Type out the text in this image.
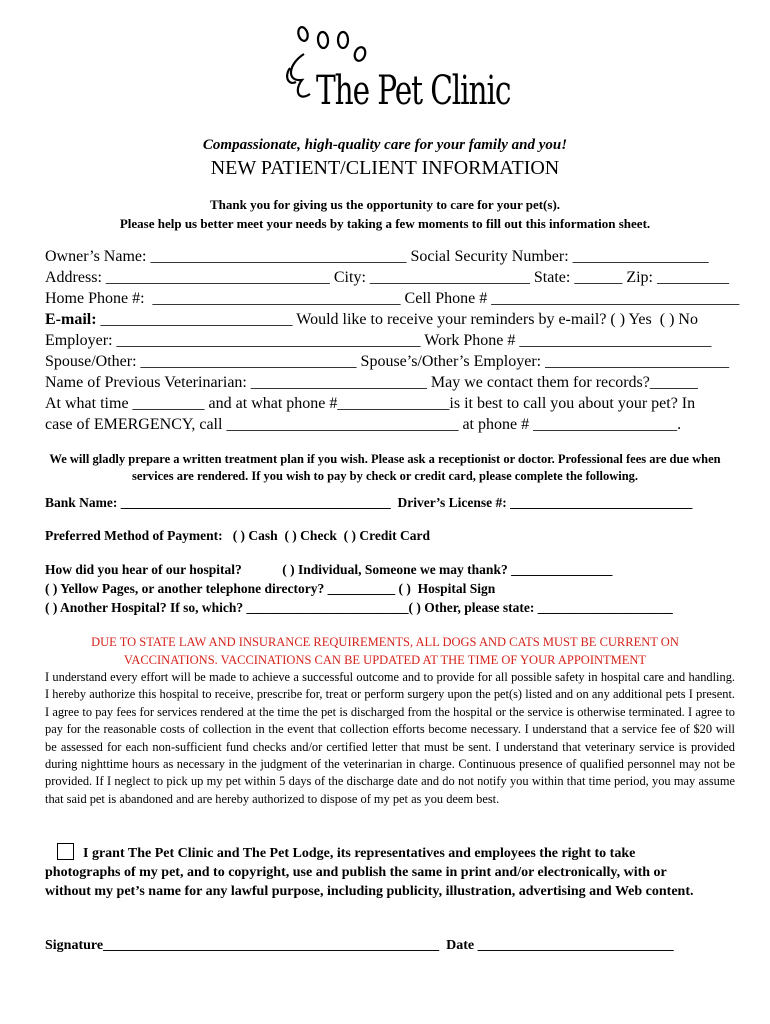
The Pet Clinic
Compassionate, high-quality care for your family and you!
NEW PATIENT/CLIENT INFORMATION
Thank you for giving us the opportunity to care for your pet(s).
Please help us better meet your needs by taking a few moments to fill out this information sheet.
Owner’s Name: ________________________________ Social Security Number: _________________
Address: ____________________________ City: ____________________ State: ______ Zip: _________
Home Phone #:  _______________________________ Cell Phone # _______________________________
E-mail: ________________________ Would like to receive your reminders by e-mail? ( ) Yes  ( ) No
Employer: ______________________________________ Work Phone # ________________________
Spouse/Other: ___________________________ Spouse’s/Other’s Employer: _______________________
Name of Previous Veterinarian: ______________________ May we contact them for records?______
At what time _________ and at what phone #______________is it best to call you about your pet? In
case of EMERGENCY, call _____________________________ at phone # __________________.
We will gladly prepare a written treatment plan if you wish. Please ask a receptionist or doctor. Professional fees are due when services are rendered. If you wish to pay by check or credit card, please complete the following.
Bank Name: ________________________________________  Driver’s License #: ___________________________
Preferred Method of Payment:   ( ) Cash  ( ) Check  ( ) Credit Card
How did you hear of our hospital?            ( ) Individual, Someone we may thank? _______________
( ) Yellow Pages, or another telephone directory? __________ ( )  Hospital Sign
( ) Another Hospital? If so, which? ________________________( ) Other, please state: ____________________
DUE TO STATE LAW AND INSURANCE REQUIREMENTS, ALL DOGS AND CATS MUST BE CURRENT ON
VACCINATIONS. VACCINATIONS CAN BE UPDATED AT THE TIME OF YOUR APPOINTMENT
I understand every effort will be made to achieve a successful outcome and to provide for all possible safety in hospital care and handling. I hereby authorize this hospital to receive, prescribe for, treat or perform surgery upon the pet(s) listed and on any additional pets I present. I agree to pay fees for services rendered at the time the pet is discharged from the hospital or the service is otherwise terminated. I agree to pay for the reasonable costs of collection in the event that collection efforts become necessary. I understand that a service fee of $20 will be assessed for each non-sufficient fund checks and/or certified letter that must be sent. I understand that veterinary service is provided during nighttime hours as necessary in the judgment of the veterinarian in charge. Continuous presence of qualified personnel may not be provided. If I neglect to pick up my pet within 5 days of the discharge date and do not notify you within that time period, you may assume that said pet is abandoned and are hereby authorized to dispose of my pet as you deem best.
I grant The Pet Clinic and The Pet Lodge, its representatives and employees the right to take photographs of my pet, and to copyright, use and publish the same in print and/or electronically, with or without my pet’s name for any lawful purpose, including publicity, illustration, advertising and Web content.
Signature________________________________________________  Date ____________________________
